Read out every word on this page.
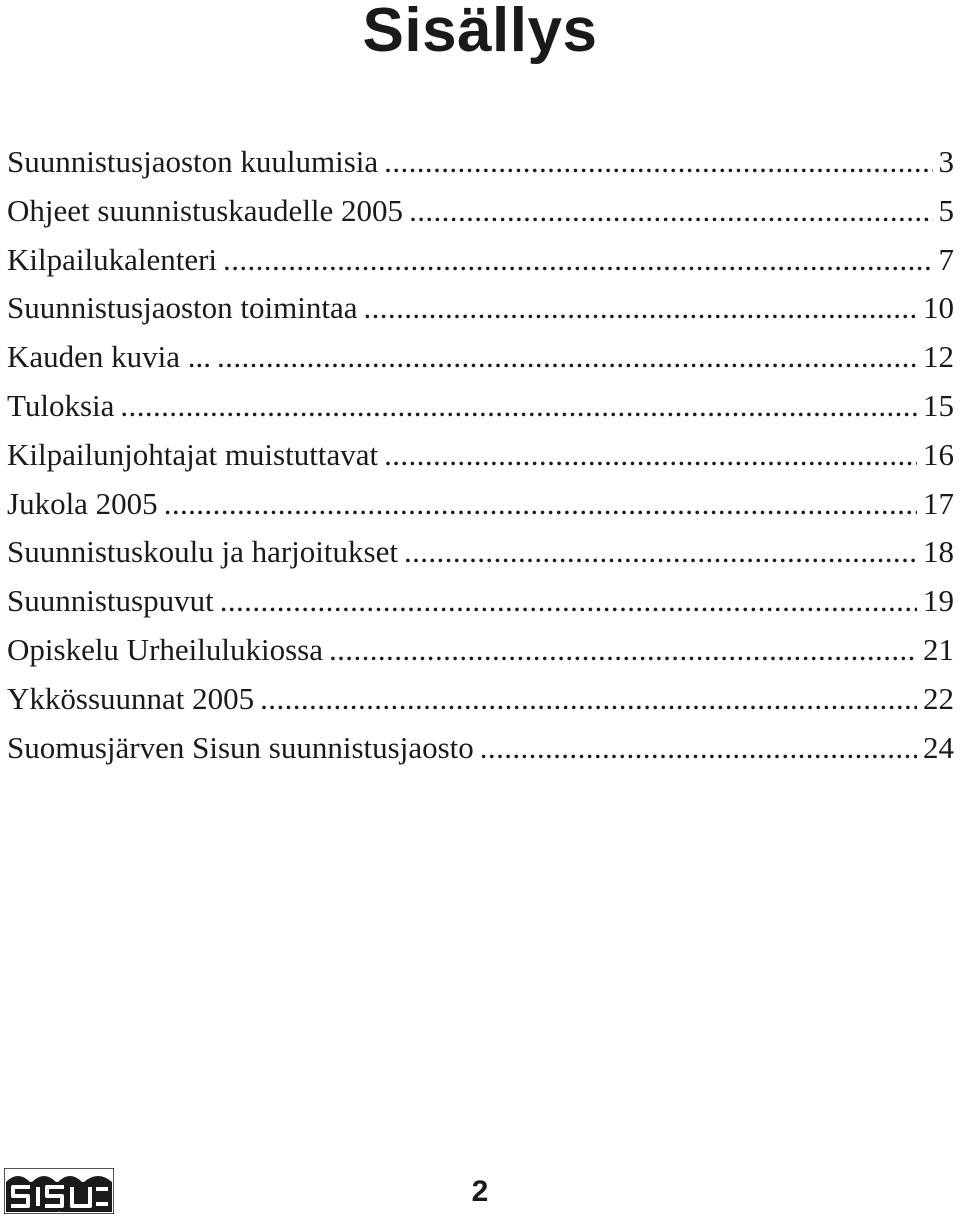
Sisällys
Suunnistusjaoston kuulumisia .....	3
Ohjeet suunnistuskaudelle 2005 .....	5
Kilpailukalenteri .....	7
Suunnistusjaoston toimintaa .....	10
Kauden kuvia ... .....	12
Tuloksia .....	15
Kilpailunjohtajat muistuttavat .....	16
Jukola 2005 .....	17
Suunnistuskoulu ja harjoitukset .....	18
Suunnistuspuvut .....	19
Opiskelu Urheilulukiossa .....	21
Ykkössuunnat 2005 .....	22
Suomusjärven Sisun suunnistusjaosto .....	24
SISU
2
